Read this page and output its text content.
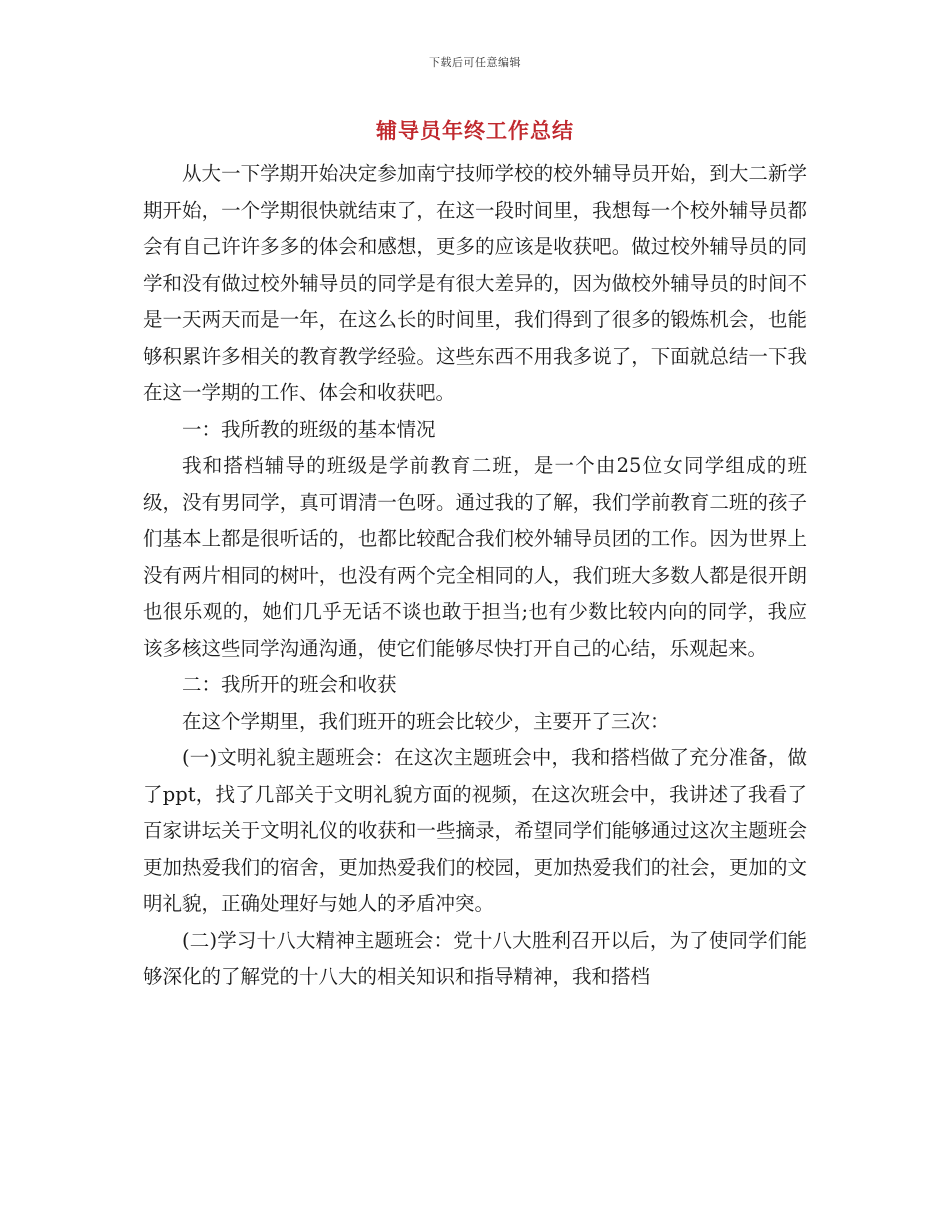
下载后可任意编辑
辅导员年终工作总结

从大一下学期开始决定参加南宁技师学校的校外辅导员开始，到大二新学期开始，一个学期很快就结束了，在这一段时间里，我想每一个校外辅导员都会有自己许许多多的体会和感想，更多的应该是收获吧。做过校外辅导员的同学和没有做过校外辅导员的同学是有很大差异的，因为做校外辅导员的时间不是一天两天而是一年，在这么长的时间里，我们得到了很多的锻炼机会，也能够积累许多相关的教育教学经验。这些东西不用我多说了，下面就总结一下我在这一学期的工作、体会和收获吧。

一：我所教的班级的基本情况

我和搭档辅导的班级是学前教育二班，是一个由25位女同学组成的班级，没有男同学，真可谓清一色呀。通过我的了解，我们学前教育二班的孩子们基本上都是很听话的，也都比较配合我们校外辅导员团的工作。因为世界上没有两片相同的树叶，也没有两个完全相同的人，我们班大多数人都是很开朗也很乐观的，她们几乎无话不谈也敢于担当;也有少数比较内向的同学，我应该多核这些同学沟通沟通，使它们能够尽快打开自己的心结，乐观起来。

二：我所开的班会和收获

在这个学期里，我们班开的班会比较少，主要开了三次：

(一)文明礼貌主题班会：在这次主题班会中，我和搭档做了充分准备，做了ppt，找了几部关于文明礼貌方面的视频，在这次班会中，我讲述了我看了百家讲坛关于文明礼仪的收获和一些摘录，希望同学们能够通过这次主题班会更加热爱我们的宿舍，更加热爱我们的校园，更加热爱我们的社会，更加的文明礼貌，正确处理好与她人的矛盾冲突。

(二)学习十八大精神主题班会：党十八大胜利召开以后，为了使同学们能够深化的了解党的十八大的相关知识和指导精神，我和搭档
